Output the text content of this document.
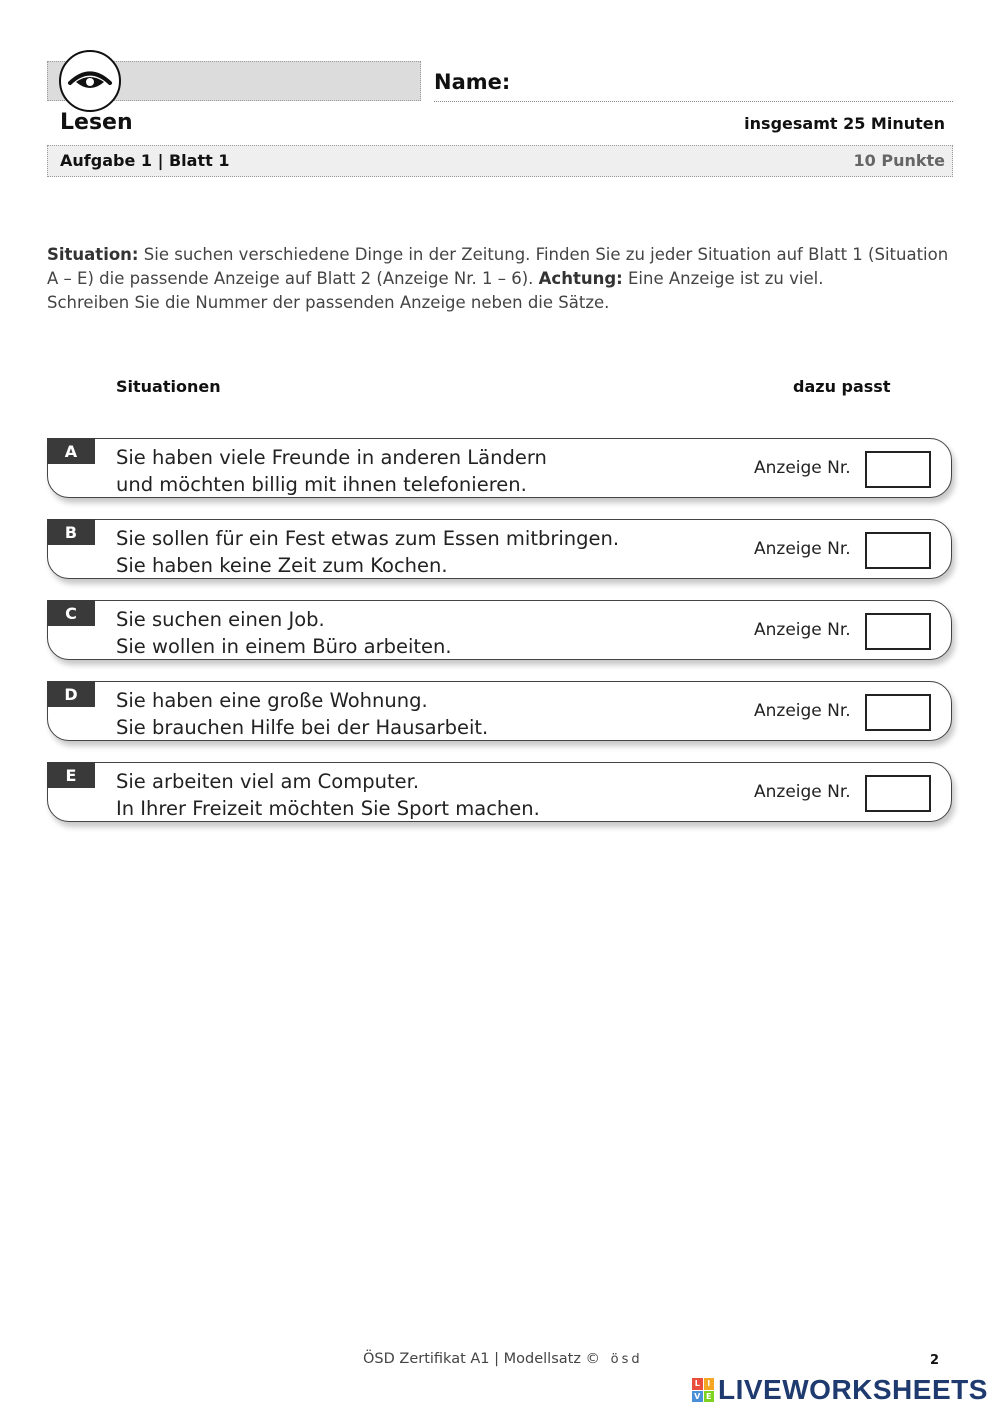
Name:
Lesen	insgesamt 25 Minuten
Aufgabe 1 | Blatt 1	10 Punkte
Situation: Sie suchen verschiedene Dinge in der Zeitung. Finden Sie zu jeder Situation auf Blatt 1 (Situation A – E) die passende Anzeige auf Blatt 2 (Anzeige Nr. 1 – 6). Achtung: Eine Anzeige ist zu viel.
Schreiben Sie die Nummer der passenden Anzeige neben die Sätze.
Situationen	dazu passt
A	Sie haben viele Freunde in anderen Ländern
und möchten billig mit ihnen telefonieren.
Anzeige Nr.
B	Sie sollen für ein Fest etwas zum Essen mitbringen.
Sie haben keine Zeit zum Kochen.
Anzeige Nr.
C	Sie suchen einen Job.
Sie wollen in einem Büro arbeiten.
Anzeige Nr.
D	Sie haben eine große Wohnung.
Sie brauchen Hilfe bei der Hausarbeit.
Anzeige Nr.
E	Sie arbeiten viel am Computer.
In Ihrer Freizeit möchten Sie Sport machen.
Anzeige Nr.
ÖSD Zertifikat A1 | Modellsatz © ösd	2
L I
V E LIVEWORKSHEETS
